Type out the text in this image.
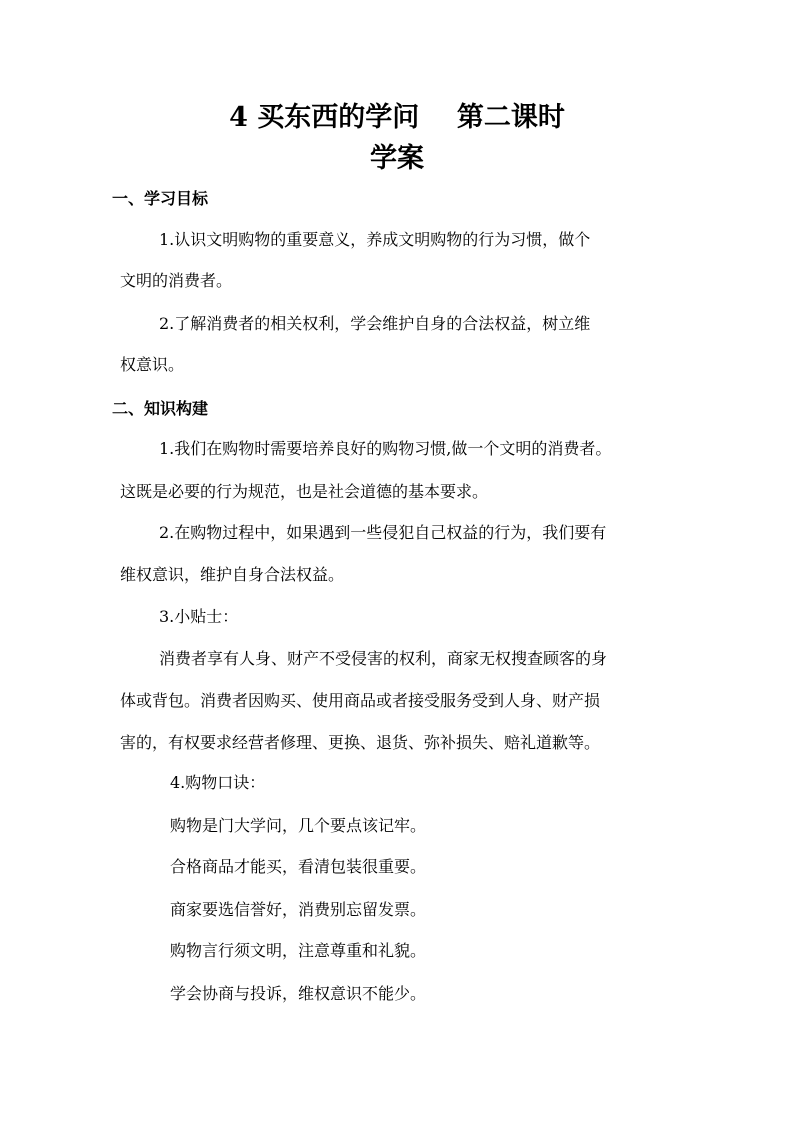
4 买东西的学问    第二课时
学案
一、学习目标
1.认识文明购物的重要意义，养成文明购物的行为习惯，做个
文明的消费者。
2.了解消费者的相关权利，学会维护自身的合法权益，树立维
权意识。
二、知识构建
1.我们在购物时需要培养良好的购物习惯,做一个文明的消费者。
这既是必要的行为规范，也是社会道德的基本要求。
2.在购物过程中，如果遇到一些侵犯自己权益的行为，我们要有
维权意识，维护自身合法权益。
3.小贴士：
消费者享有人身、财产不受侵害的权利，商家无权搜查顾客的身
体或背包。消费者因购买、使用商品或者接受服务受到人身、财产损
害的，有权要求经营者修理、更换、退货、弥补损失、赔礼道歉等。
4.购物口诀：
购物是门大学问，几个要点该记牢。
合格商品才能买，看清包装很重要。
商家要选信誉好，消费别忘留发票。
购物言行须文明，注意尊重和礼貌。
学会协商与投诉，维权意识不能少。
